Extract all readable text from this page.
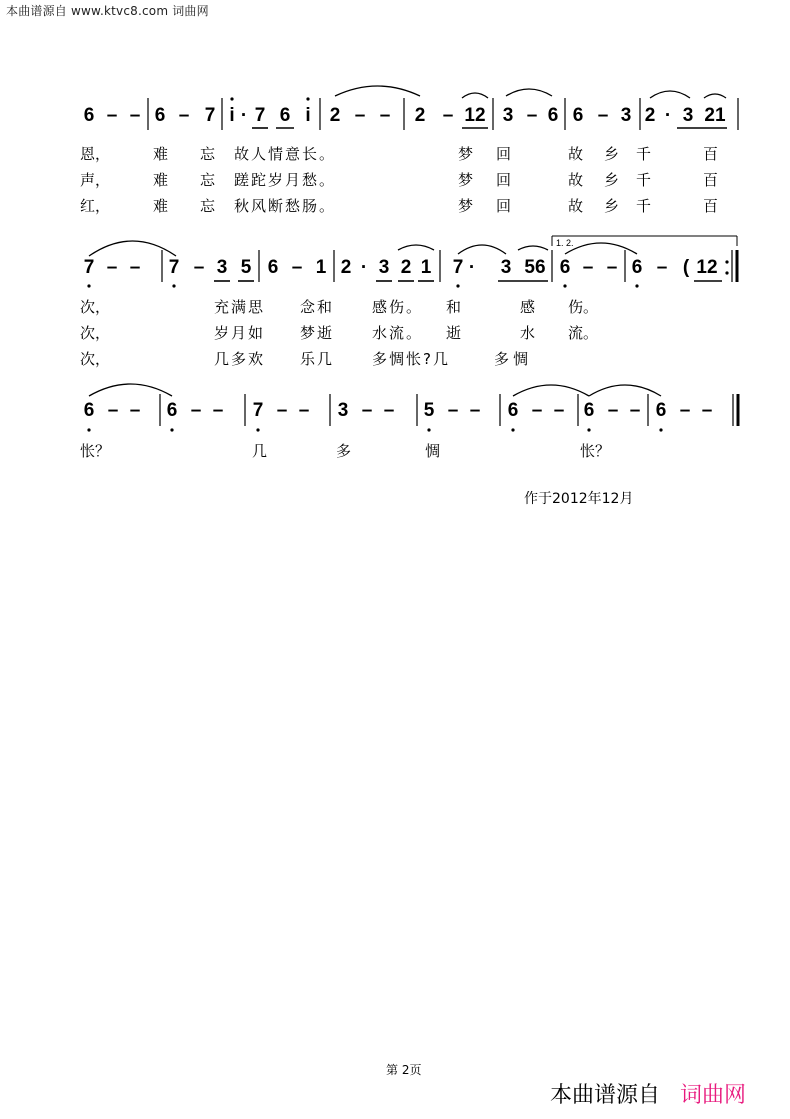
本曲谱源自 www.ktvc8.com 词曲网
6 – – 6 – 7 i · 7 6 i 2 – – 2 – 12 3 – 6 6 – 3 2 · 3 21
7 – – 7 – 3 5 6 – 1 2 · 3 2 1 7 · 3 56 6 – – 6 – ( 12
1. 2.
6 – – 6 – – 7 – – 3 – – 5 – – 6 – – 6 – – 6 – –
恩，	难 忘 故人情意长。	梦 回	故 乡 千	百
声，	难 忘 蹉跎岁月愁。	梦 回	故 乡 千	百
红，	难 忘 秋风断愁肠。	梦 回	故 乡 千	百
次，	充满思 念和	感伤。 和	感 伤。
次，	岁月如 梦逝	水流。 逝	水 流。
次，	几多欢 乐几	多惆怅?几	多惆
怅？	几	多	惆	怅？
作于2012年12月
第 2页
本曲谱源自 词曲网
